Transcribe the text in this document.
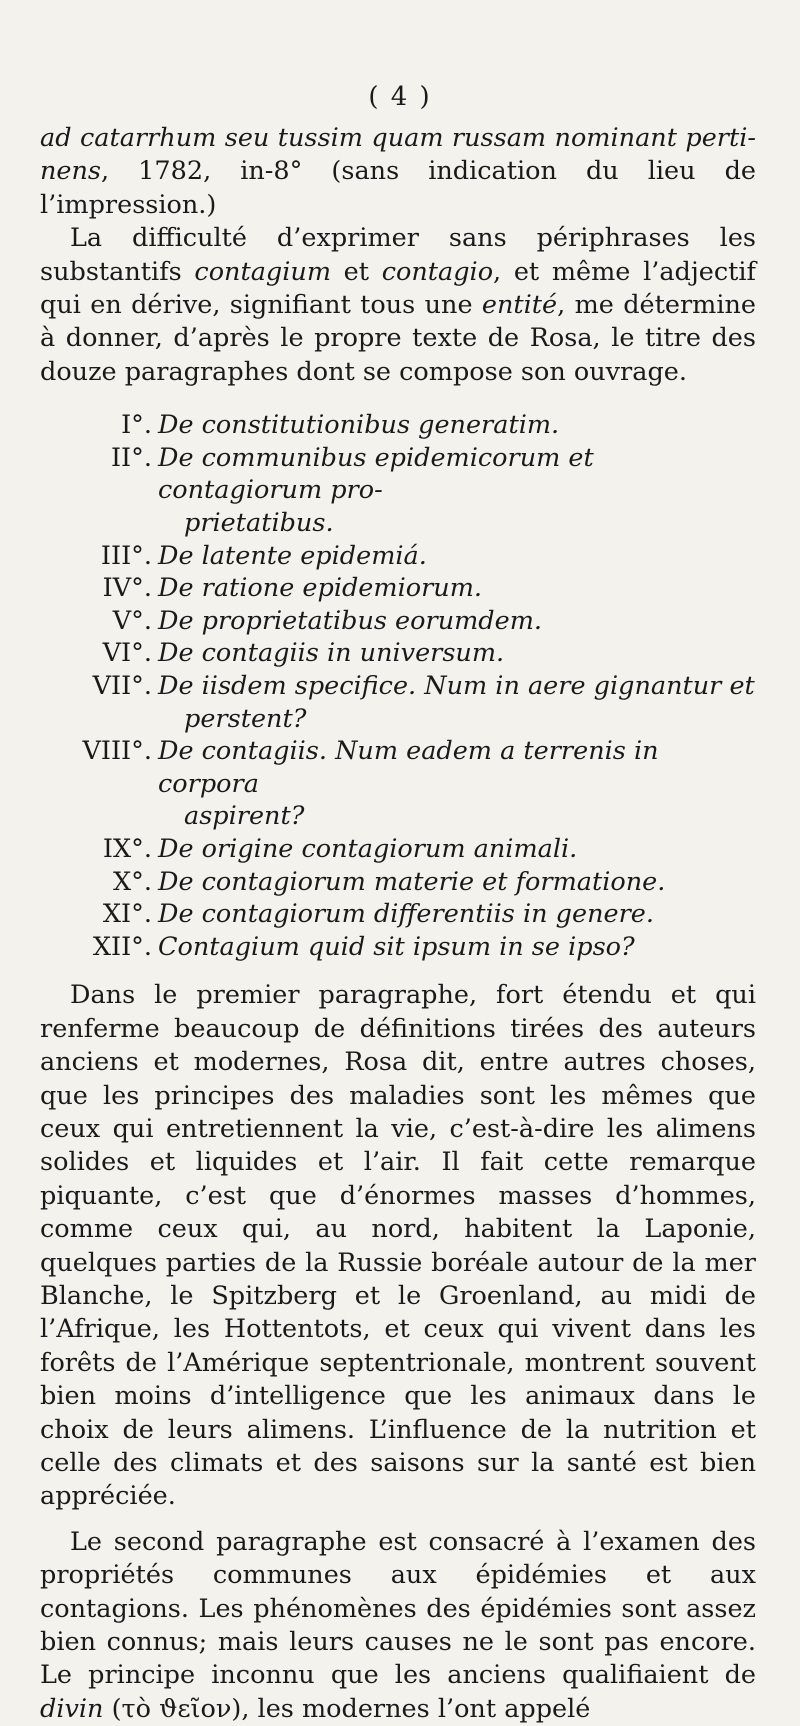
( 4 )

ad catarrhum seu tussim quam russam nominant perti- nens, 1782, in-8° (sans indication du lieu de l’impression.)

La difficulté d’exprimer sans périphrases les substantifs contagium et contagio, et même l’adjectif qui en dérive, signifiant tous une entité, me détermine à donner, d’après le propre texte de Rosa, le titre des douze paragraphes dont se compose son ouvrage.

I°. De constitutionibus generatim.
II°. De communibus epidemicorum et contagiorum pro-
prietatibus.
III°. De latente epidemiá.
IV°. De ratione epidemiorum.
V°. De proprietatibus eorumdem.
VI°. De contagiis in universum.
VII°. De iisdem specifice. Num in aere gignantur et
perstent?
VIII°. De contagiis. Num eadem a terrenis in corpora
aspirent?
IX°. De origine contagiorum animali.
X°. De contagiorum materie et formatione.
XI°. De contagiorum differentiis in genere.
XII°. Contagium quid sit ipsum in se ipso?

Dans le premier paragraphe, fort étendu et qui renferme beaucoup de définitions tirées des auteurs anciens et modernes, Rosa dit, entre autres choses, que les principes des maladies sont les mêmes que ceux qui entretiennent la vie, c’est-à-dire les alimens solides et liquides et l’air. Il fait cette remarque piquante, c’est que d’énormes masses d’hommes, comme ceux qui, au nord, habitent la Laponie, quelques parties de la Russie boréale autour de la mer Blanche, le Spitzberg et le Groenland, au midi de l’Afrique, les Hottentots, et ceux qui vivent dans les forêts de l’Amérique septentrionale, montrent souvent bien moins d’intelligence que les animaux dans le choix de leurs alimens. L’influence de la nutrition et celle des climats et des saisons sur la santé est bien appréciée.

Le second paragraphe est consacré à l’examen des propriétés communes aux épidémies et aux contagions. Les phénomènes des épidémies sont assez bien connus; mais leurs causes ne le sont pas encore. Le principe inconnu que les anciens qualifiaient de divin (τὸ ϑεῖον), les modernes l’ont appelé
